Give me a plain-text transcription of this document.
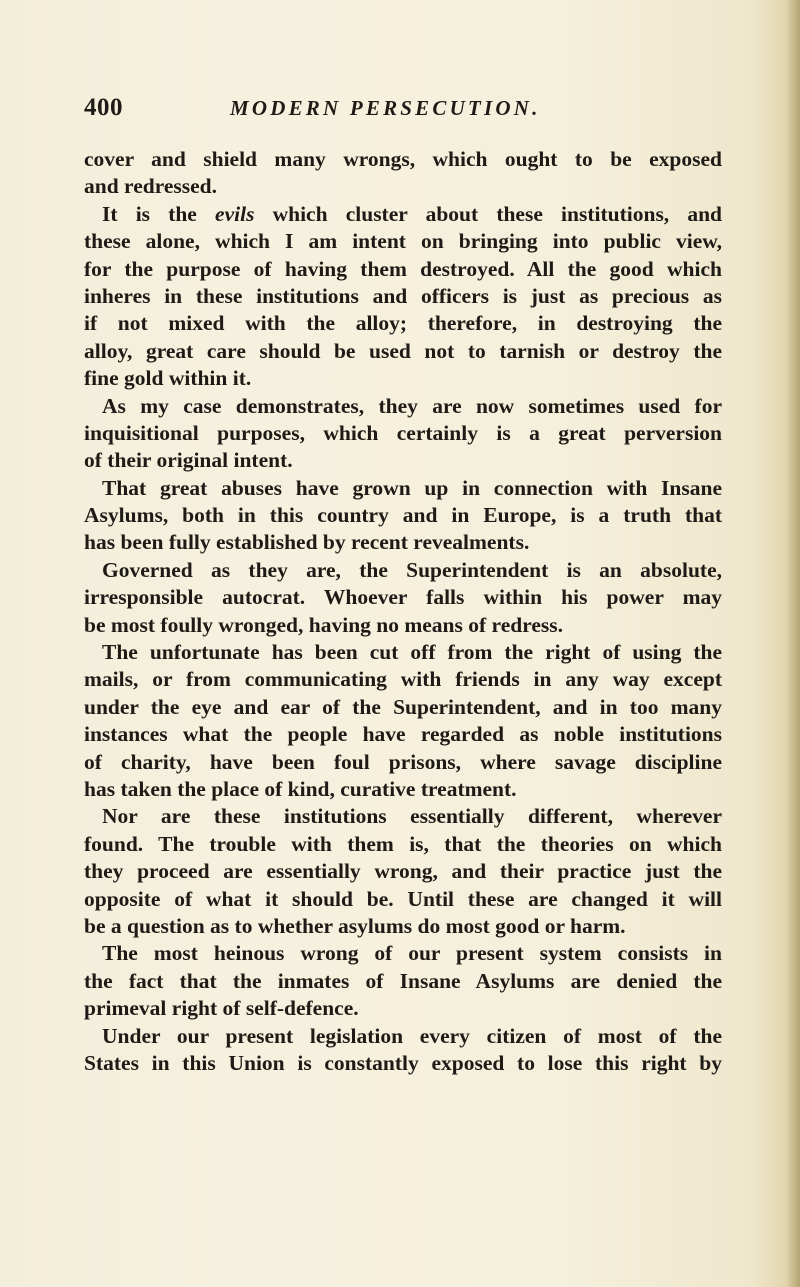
400	MODERN PERSECUTION.
cover and shield many wrongs, which ought to be exposed
and redressed.
It is the evils which cluster about these institutions, and
these alone, which I am intent on bringing into public view,
for the purpose of having them destroyed. All the good which
inheres in these institutions and officers is just as precious as
if not mixed with the alloy; therefore, in destroying the
alloy, great care should be used not to tarnish or destroy the
fine gold within it.
As my case demonstrates, they are now sometimes used for
inquisitional purposes, which certainly is a great perversion
of their original intent.
That great abuses have grown up in connection with Insane
Asylums, both in this country and in Europe, is a truth that
has been fully established by recent revealments.
Governed as they are, the Superintendent is an absolute,
irresponsible autocrat. Whoever falls within his power may
be most foully wronged, having no means of redress.
The unfortunate has been cut off from the right of using the
mails, or from communicating with friends in any way except
under the eye and ear of the Superintendent, and in too many
instances what the people have regarded as noble institutions
of charity, have been foul prisons, where savage discipline
has taken the place of kind, curative treatment.
Nor are these institutions essentially different, wherever
found. The trouble with them is, that the theories on which
they proceed are essentially wrong, and their practice just the
opposite of what it should be. Until these are changed it will
be a question as to whether asylums do most good or harm.
The most heinous wrong of our present system consists in
the fact that the inmates of Insane Asylums are denied the
primeval right of self-defence.
Under our present legislation every citizen of most of the
States in this Union is constantly exposed to lose this right by
